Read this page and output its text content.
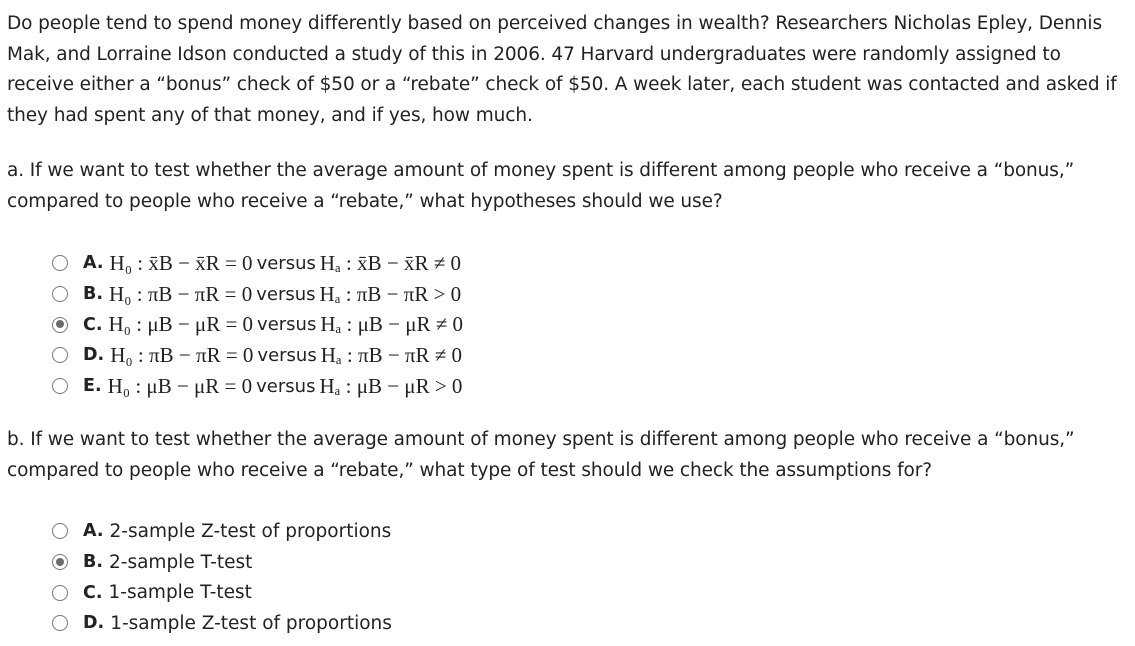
Do people tend to spend money differently based on perceived changes in wealth? Researchers Nicholas Epley, Dennis Mak, and Lorraine Idson conducted a study of this in 2006. 47 Harvard undergraduates were randomly assigned to receive either a “bonus” check of $50 or a “rebate” check of $50. A week later, each student was contacted and asked if they had spent any of that money, and if yes, how much.

a. If we want to test whether the average amount of money spent is different among people who receive a “bonus,” compared to people who receive a “rebate,” what hypotheses should we use?

A. H₀ : x̄B − x̄R = 0 versus Hₐ : x̄B − x̄R ≠ 0
B. H₀ : πB − πR = 0 versus Hₐ : πB − πR > 0
C. H₀ : μB − μR = 0 versus Hₐ : μB − μR ≠ 0
D. H₀ : πB − πR = 0 versus Hₐ : πB − πR ≠ 0
E. H₀ : μB − μR = 0 versus Hₐ : μB − μR > 0

b. If we want to test whether the average amount of money spent is different among people who receive a “bonus,” compared to people who receive a “rebate,” what type of test should we check the assumptions for?

A. 2-sample Z-test of proportions
B. 2-sample T-test
C. 1-sample T-test
D. 1-sample Z-test of proportions
